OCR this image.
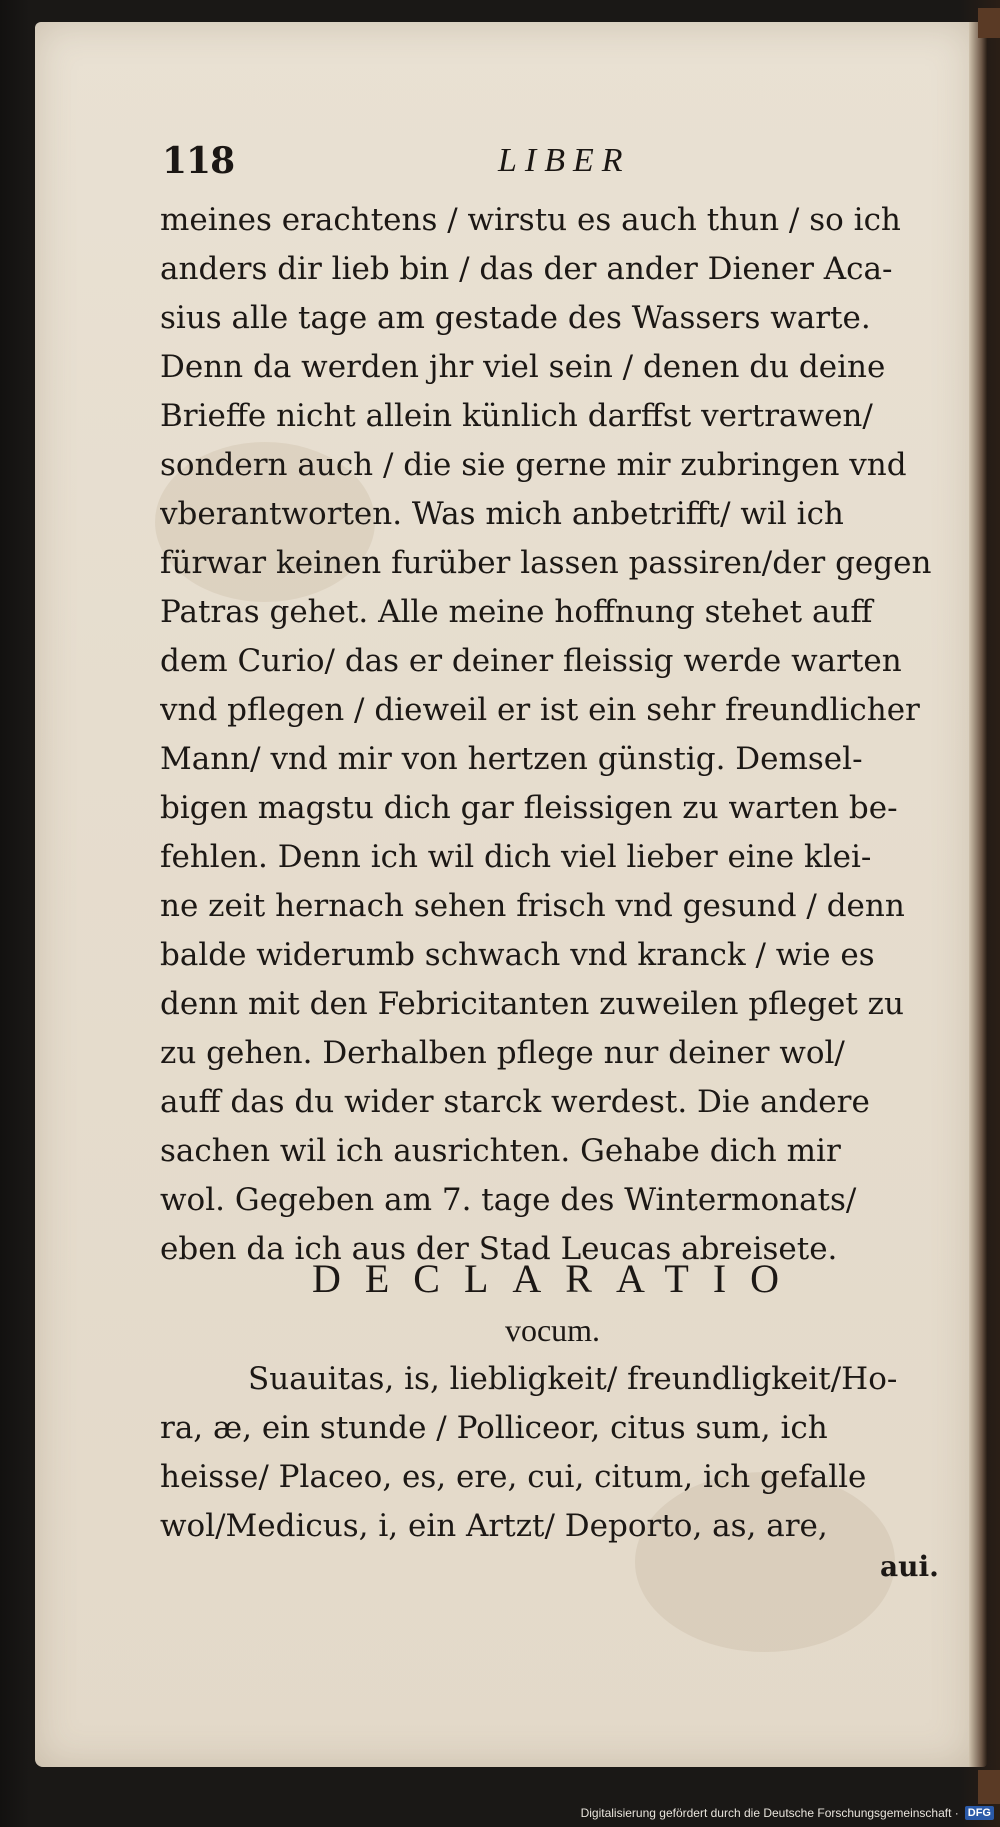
118	LIBER
meines erachtens / wirstu es auch thun / so ich
anders dir lieb bin / das der ander Diener Aca-
sius alle tage am gestade des Wassers warte.
Denn da werden jhr viel sein / denen du deine
Brieffe nicht allein künlich darffst vertrawen/
sondern auch / die sie gerne mir zubringen vnd
vberantworten. Was mich anbetrifft/ wil ich
fürwar keinen furüber lassen passiren/der gegen
Patras gehet. Alle meine hoffnung stehet auff
dem Curio/ das er deiner fleissig werde warten
vnd pflegen / dieweil er ist ein sehr freundlicher
Mann/ vnd mir von hertzen günstig. Demsel-
bigen magstu dich gar fleissigen zu warten be-
fehlen. Denn ich wil dich viel lieber eine klei-
ne zeit hernach sehen frisch vnd gesund / denn
balde widerumb schwach vnd kranck / wie es
denn mit den Febricitanten zuweilen pfleget zu
zu gehen. Derhalben pflege nur deiner wol/
auff das du wider starck werdest. Die andere
sachen wil ich ausrichten. Gehabe dich mir
wol. Gegeben am 7. tage des Wintermonats/
eben da ich aus der Stad Leucas abreisete.
DECLARATIO
vocum.
Suauitas, is, liebligkeit/ freundligkeit/Ho-
ra, æ, ein stunde / Polliceor, citus sum, ich
heisse/ Placeo, es, ere, cui, citum, ich gefalle
wol/Medicus, i, ein Artzt/ Deporto, as, are,
aui.
Digitalisierung gefördert durch die Deutsche Forschungsgemeinschaft · DFG
